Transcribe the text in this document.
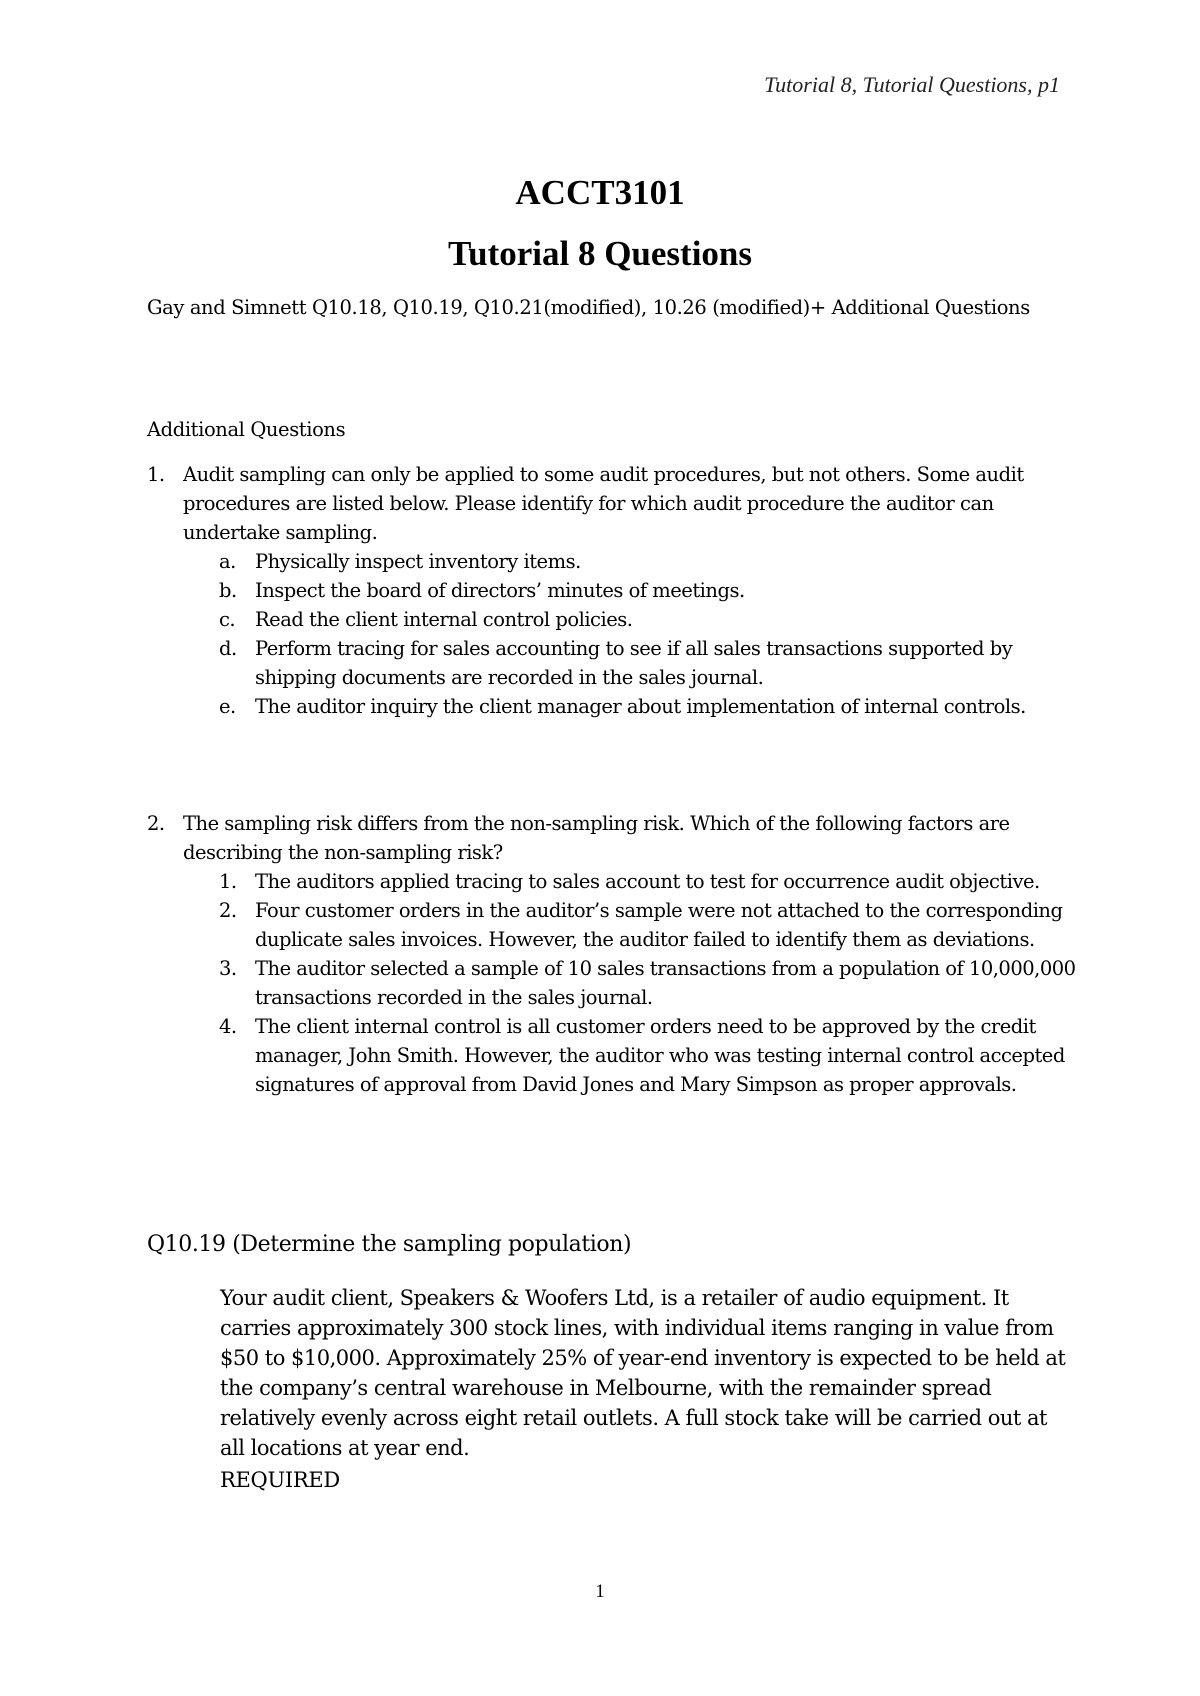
Tutorial 8, Tutorial Questions, p1
ACCT3101
Tutorial 8 Questions
Gay and Simnett Q10.18, Q10.19, Q10.21(modified), 10.26 (modified)+ Additional Questions
Additional Questions
1. Audit sampling can only be applied to some audit procedures, but not others. Some audit procedures are listed below. Please identify for which audit procedure the auditor can undertake sampling.
a. Physically inspect inventory items.
b. Inspect the board of directors’ minutes of meetings.
c.	Read the client internal control policies.
d. Perform tracing for sales accounting to see if all sales transactions supported by shipping documents are recorded in the sales journal.
e. The auditor inquiry the client manager about implementation of internal controls.
2. The sampling risk differs from the non-sampling risk. Which of the following factors are describing the non-sampling risk?
1. The auditors applied tracing to sales account to test for occurrence audit objective.
2. Four customer orders in the auditor’s sample were not attached to the corresponding duplicate sales invoices. However, the auditor failed to identify them as deviations.
3. The auditor selected a sample of 10 sales transactions from a population of 10,000,000 transactions recorded in the sales journal.
4. The client internal control is all customer orders need to be approved by the credit manager, John Smith. However, the auditor who was testing internal control accepted signatures of approval from David Jones and Mary Simpson as proper approvals.
Q10.19 (Determine the sampling population)
Your audit client, Speakers & Woofers Ltd, is a retailer of audio equipment. It carries approximately 300 stock lines, with individual items ranging in value from $50 to $10,000. Approximately 25% of year-end inventory is expected to be held at the company’s central warehouse in Melbourne, with the remainder spread relatively evenly across eight retail outlets. A full stock take will be carried out at all locations at year end.
REQUIRED
1
